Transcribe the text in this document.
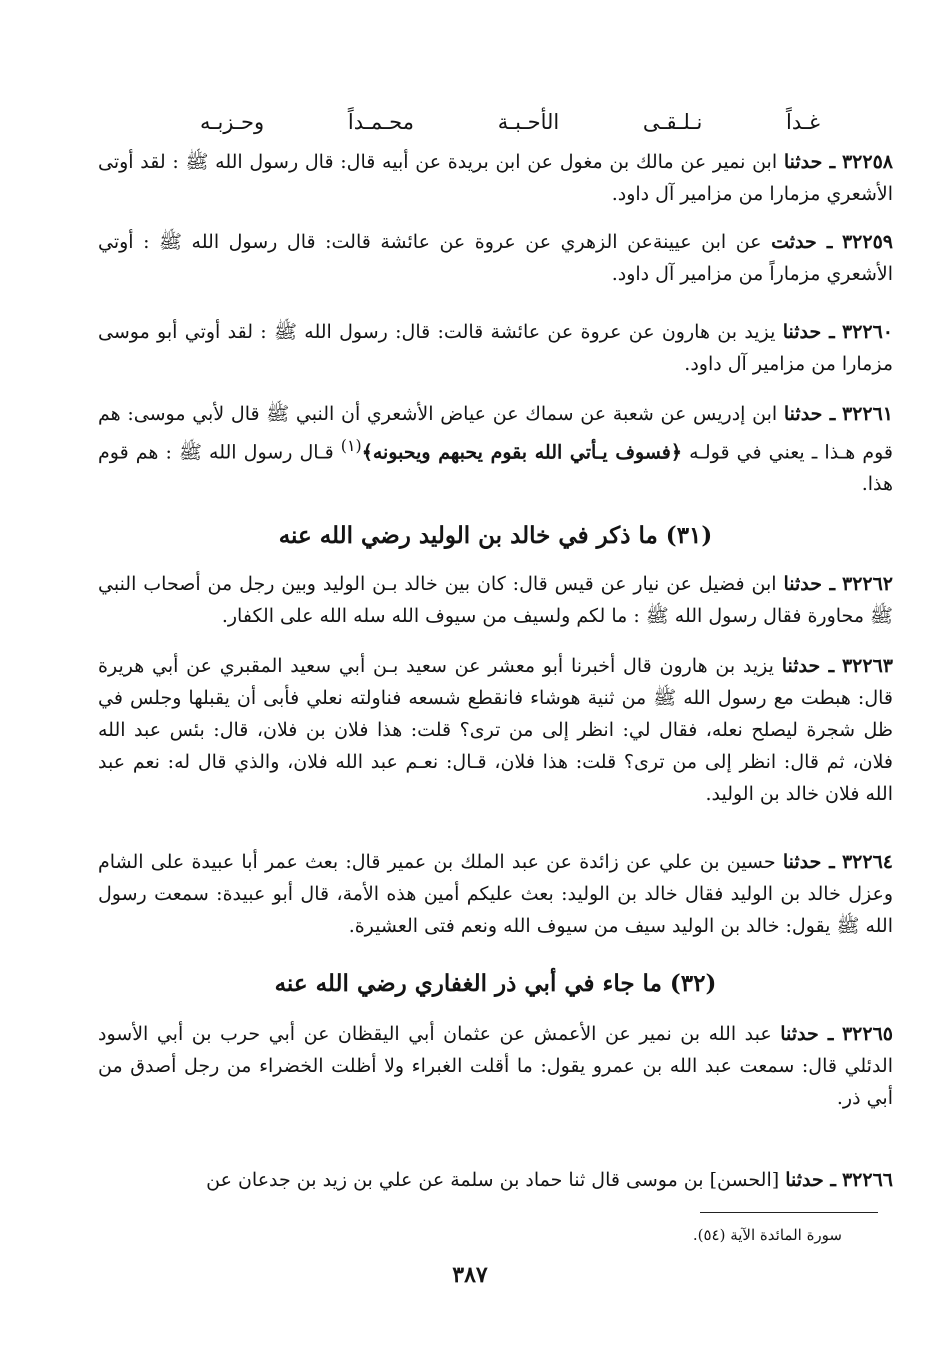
غـداً
نـلـقـى
الأحـبـة
محـمـداً
وحـزبـه

٣٢٢٥٨ ـ حدثنا ابن نمير عن مالك بن مغول عن ابن بريدة عن أبيه قال: قال رسول الله ﷺ : لقد أوتى الأشعري مزمارا من مزامير آل داود.

٣٢٢٥٩ ـ حدثت عن ابن عيينةعن الزهري عن عروة عن عائشة قالت: قال رسول الله ﷺ : أوتي الأشعري مزماراً من مزامير آل داود.

٣٢٢٦٠ ـ حدثنا يزيد بن هارون عن عروة عن عائشة قالت: قال: رسول الله ﷺ : لقد أوتي أبو موسى مزمارا من مزامير آل داود.

٣٢٢٦١ ـ حدثنا ابن إدريس عن شعبة عن سماك عن عياض الأشعري أن النبي ﷺ قال لأبي موسى: هم قوم هـذا ـ يعني في قولـه ﴿فسوف يـأتي الله بقوم يحبهم ويحبونه﴾$^{(١)}$ قـال رسول الله ﷺ : هم قوم هذا.

(٣١) ما ذكر في خالد بن الوليد رضي الله عنه

٣٢٢٦٢ ـ حدثنا ابن فضيل عن نيار عن قيس قال: كان بين خالد بـن الوليد وبين رجل من أصحاب النبي ﷺ محاورة فقال رسول الله ﷺ : ما لكم ولسيف من سيوف الله سله الله على الكفار.

٣٢٢٦٣ ـ حدثنا يزيد بن هارون قال أخبرنا أبو معشر عن سعيد بـن أبي سعيد المقبري عن أبي هريرة قال: هبطت مع رسول الله ﷺ من ثنية هوشاء فانقطع شسعه فناولته نعلي فأبى أن يقبلها وجلس في ظل شجرة ليصلح نعله، فقال لي: انظر إلى من ترى؟ قلت: هذا فلان بن فلان، قال: بئس عبد الله فلان، ثم قال: انظر إلى من ترى؟ قلت: هذا فلان، قـال: نعـم عبد الله فلان، والذي قال له: نعم عبد الله فلان خالد بن الوليد.

٣٢٢٦٤ ـ حدثنا حسين بن علي عن زائدة عن عبد الملك بن عمير قال: بعث عمر أبا عبيدة على الشام وعزل خالد بن الوليد فقال خالد بن الوليد: بعث عليكم أمين هذه الأمة، قال أبو عبيدة: سمعت رسول الله ﷺ يقول: خالد بن الوليد سيف من سيوف الله ونعم فتى العشيرة.

(٣٢) ما جاء في أبي ذر الغفاري رضي الله عنه

٣٢٢٦٥ ـ حدثنا عبد الله بن نمير عن الأعمش عن عثمان أبي اليقظان عن أبي حرب بن أبي الأسود الدئلي قال: سمعت عبد الله بن عمرو يقول: ما أقلت الغبراء ولا أظلت الخضراء من رجل أصدق من أبي ذر.

٣٢٢٦٦ ـ حدثنا [الحسن] بن موسى قال ثنا حماد بن سلمة عن علي بن زيد بن جدعان عن

سورة المائدة الآية (٥٤).
٣٨٧
